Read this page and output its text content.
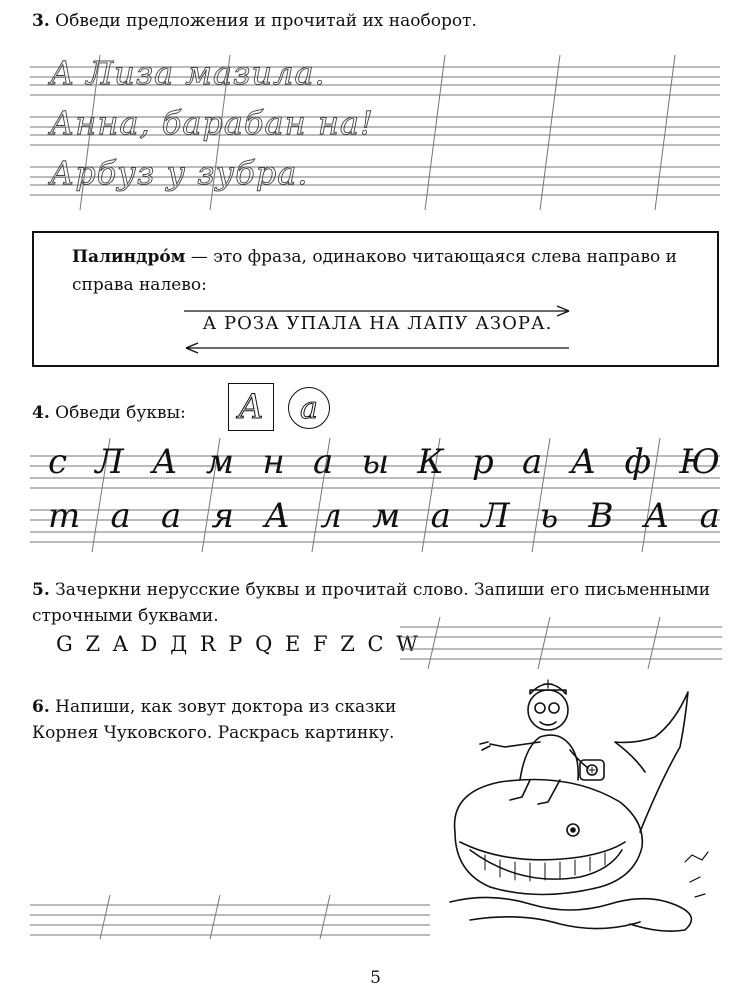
3. Обведи предложения и прочитай их наоборот.
А Лиза мазила.
Анна, барабан на!
Арбуз у зубра.
Палиндро́м — это фраза, одинаково читающаяся слева направо и справа налево:
А РОЗА УПАЛА НА ЛАПУ АЗОРА.
4. Обведи буквы: А	а
с Л А м н а ы К р а А ф Ю
т а а я А л м а Л ь В А а
5. Зачеркни нерусские буквы и прочитай слово. Запиши его письменными строчными буквами.
G Z A D Д R P Q E F Z C W
6. Напиши, как зовут доктора из сказки Корнея Чуковского. Раскрась картинку.
5
